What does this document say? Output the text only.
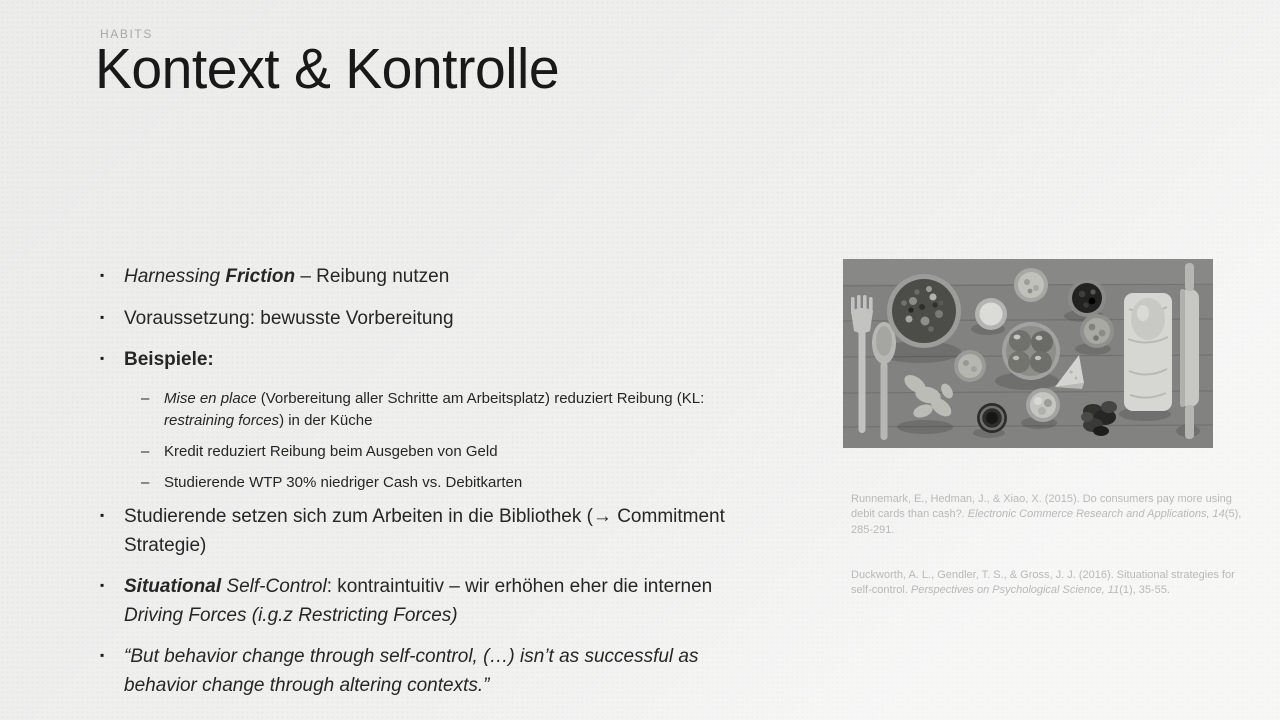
HABITS
Kontext & Kontrolle
▪ Harnessing Friction – Reibung nutzen
▪ Voraussetzung: bewusste Vorbereitung
▪ Beispiele:
– Mise en place (Vorbereitung aller Schritte am Arbeitsplatz) reduziert Reibung (KL: restraining forces) in der Küche
– Kredit reduziert Reibung beim Ausgeben von Geld
– Studierende WTP 30% niedriger Cash vs. Debitkarten
▪ Studierende setzen sich zum Arbeiten in die Bibliothek (→ Commitment Strategie)
▪ Situational Self-Control: kontraintuitiv – wir erhöhen eher die internen Driving Forces (i.g.z Restricting Forces)
▪ “But behavior change through self-control, (…) isn’t as successful as behavior change through altering contexts.”
Runnemark, E., Hedman, J., & Xiao, X. (2015). Do consumers pay more using debit cards than cash?. Electronic Commerce Research and Applications, 14(5), 285-291.
Duckworth, A. L., Gendler, T. S., & Gross, J. J. (2016). Situational strategies for self-control. Perspectives on Psychological Science, 11(1), 35-55.
